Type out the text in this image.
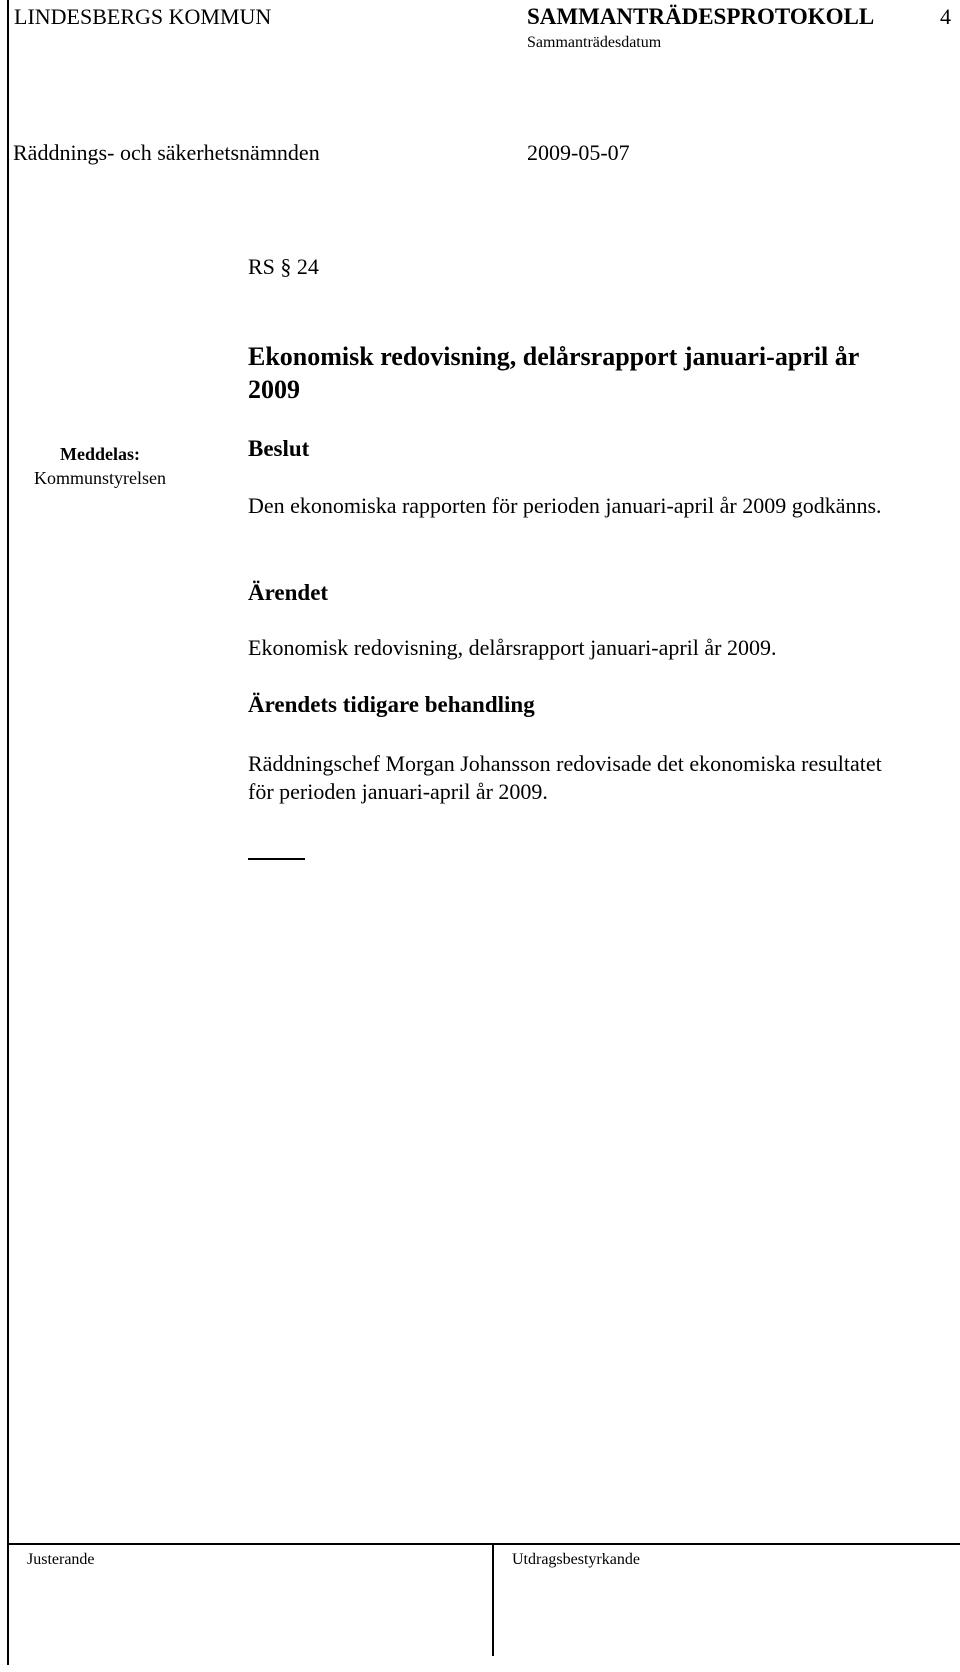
LINDESBERGS KOMMUN	SAMMANTRÄDESPROTOKOLL	4
Sammanträdesdatum
Räddnings- och säkerhetsnämnden	2009-05-07
RS § 24
Ekonomisk redovisning, delårsrapport januari-april år 2009
Meddelas:
Kommunstyrelsen
Beslut
Den ekonomiska rapporten för perioden januari-april år 2009 godkänns.
Ärendet
Ekonomisk redovisning, delårsrapport januari-april år 2009.
Ärendets tidigare behandling
Räddningschef Morgan Johansson redovisade det ekonomiska resultatet för perioden januari-april år 2009.
Justerande	Utdragsbestyrkande
